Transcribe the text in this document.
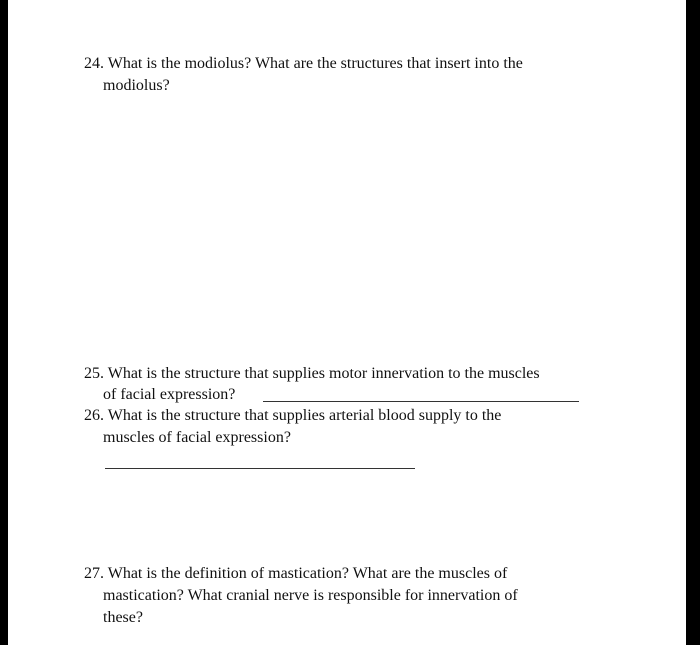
24. What is the modiolus? What are the structures that insert into the
modiolus?
25. What is the structure that supplies motor innervation to the muscles
of facial expression?
26. What is the structure that supplies arterial blood supply to the
muscles of facial expression?
27. What is the definition of mastication? What are the muscles of
mastication? What cranial nerve is responsible for innervation of
these?
